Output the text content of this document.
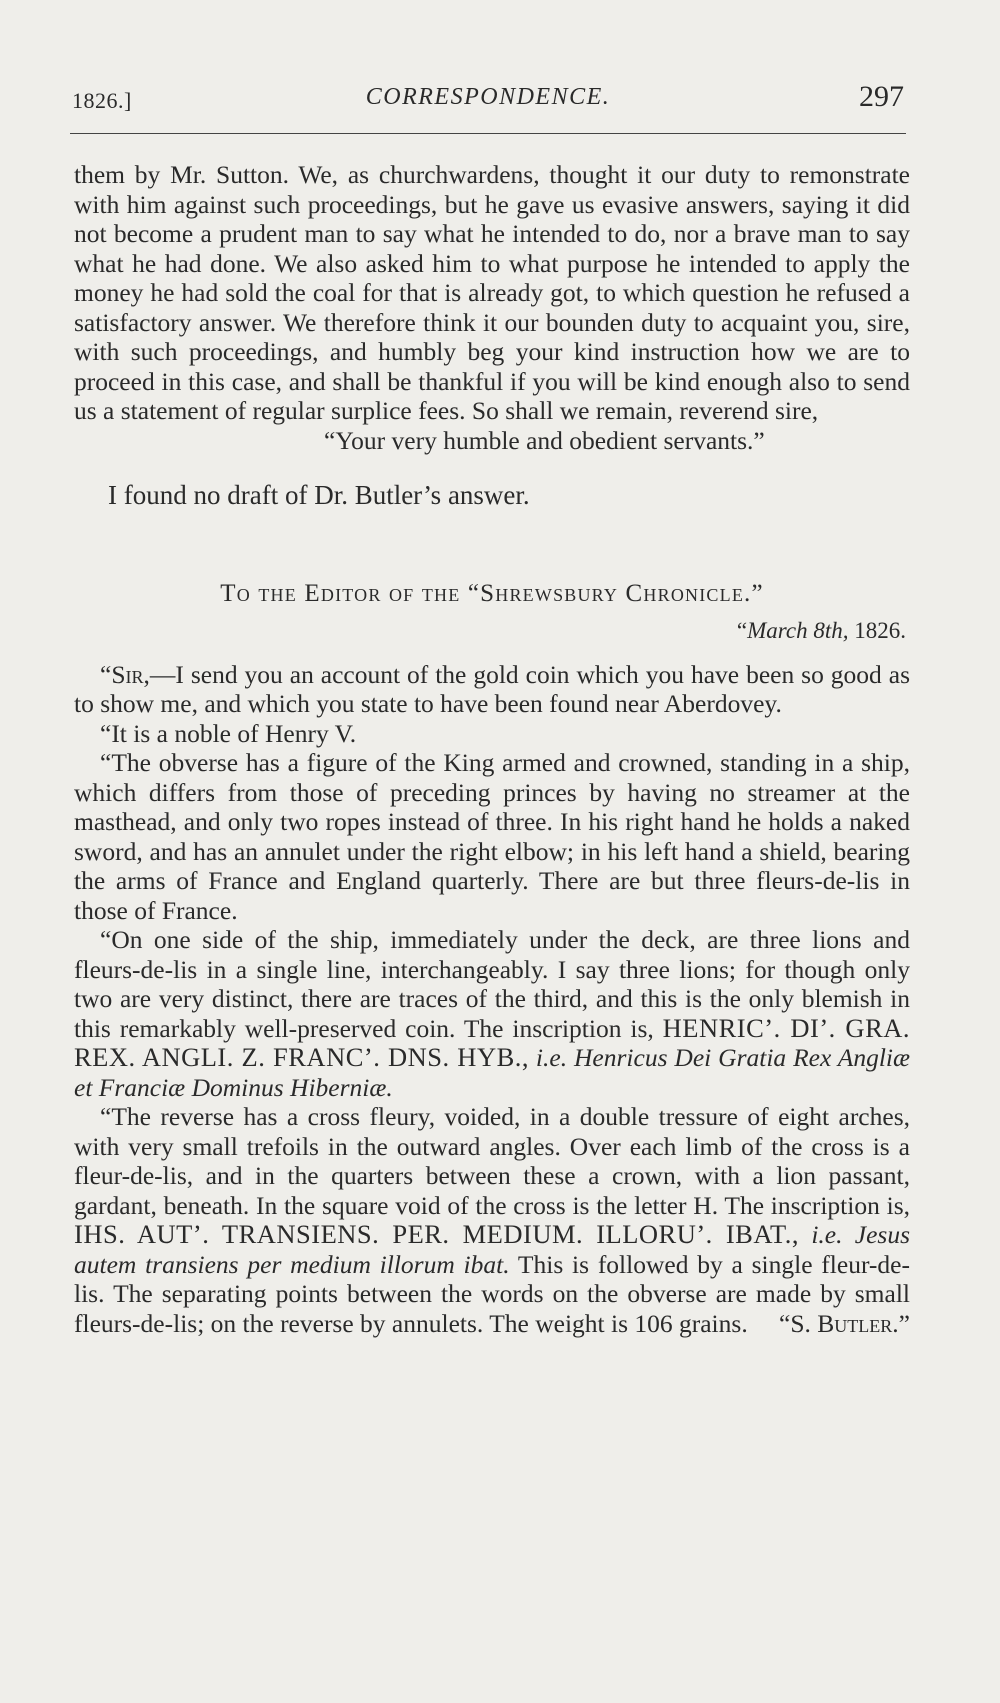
1826.]	CORRESPONDENCE.	297

them by Mr. Sutton. We, as churchwardens, thought it our duty to remonstrate with him against such proceedings, but he gave us evasive answers, saying it did not become a prudent man to say what he intended to do, nor a brave man to say what he had done. We also asked him to what purpose he intended to apply the money he had sold the coal for that is already got, to which question he refused a satisfactory answer. We therefore think it our bounden duty to acquaint you, sire, with such proceedings, and humbly beg your kind instruction how we are to proceed in this case, and shall be thankful if you will be kind enough also to send us a statement of regular surplice fees. So shall we remain, reverend sire,

“Your very humble and obedient servants.”

I found no draft of Dr. Butler’s answer.

To the Editor of the “Shrewsbury Chronicle.”

“March 8th, 1826.

“Sir,—I send you an account of the gold coin which you have been so good as to show me, and which you state to have been found near Aberdovey.

“It is a noble of Henry V.

“The obverse has a figure of the King armed and crowned, standing in a ship, which differs from those of preceding princes by having no streamer at the masthead, and only two ropes instead of three. In his right hand he holds a naked sword, and has an annulet under the right elbow; in his left hand a shield, bearing the arms of France and England quarterly. There are but three fleurs-de-lis in those of France.

“On one side of the ship, immediately under the deck, are three lions and fleurs-de-lis in a single line, interchangeably. I say three lions; for though only two are very distinct, there are traces of the third, and this is the only blemish in this remarkably well-preserved coin. The inscription is, HENRIC’. DI’. GRA. REX. ANGLI. Z. FRANC’. DNS. HYB., i.e. Henricus Dei Gratia Rex Angliæ et Franciæ Dominus Hiberniæ.

“The reverse has a cross fleury, voided, in a double tressure of eight arches, with very small trefoils in the outward angles. Over each limb of the cross is a fleur-de-lis, and in the quarters between these a crown, with a lion passant, gardant, beneath. In the square void of the cross is the letter H. The inscription is, IHS. AUT’. TRANSIENS. PER. MEDIUM. ILLORU’. IBAT., i.e. Jesus autem transiens per medium illorum ibat. This is followed by a single fleur-de-lis. The separating points between the words on the obverse are made by small fleurs-de-lis; on the reverse by annulets. The weight is 106 grains.	“S. Butler.”
